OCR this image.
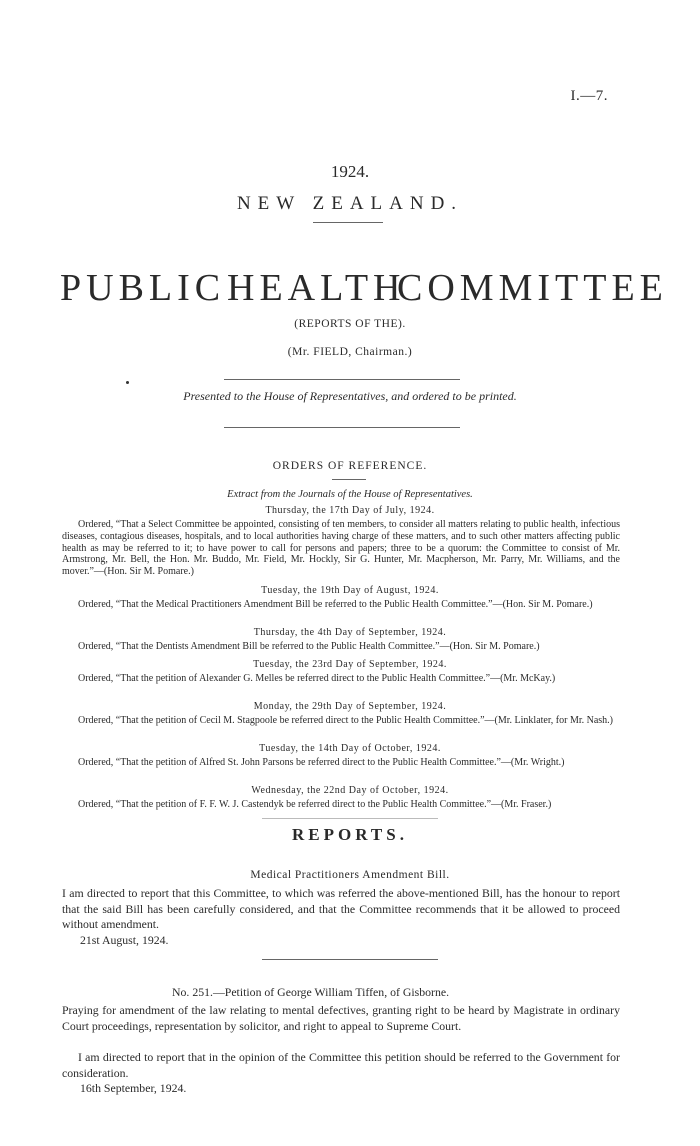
I.—7.
1924.
NEW ZEALAND.
PUBLIC HEALTH
COMMITTEE
(REPORTS OF THE).
(Mr. FIELD, Chairman.)
Presented to the House of Representatives, and ordered to be printed.
ORDERS OF REFERENCE.
Extract from the Journals of the House of Representatives.
Thursday, the 17th Day of July, 1924.
Ordered, “That a Select Committee be appointed, consisting of ten members, to consider all matters relating to public health, infectious diseases, contagious diseases, hospitals, and to local authorities having charge of these matters, and to such other matters affecting public health as may be referred to it; to have power to call for persons and papers; three to be a quorum: the Committee to consist of Mr. Armstrong, Mr. Bell, the Hon. Mr. Buddo, Mr. Field, Mr. Hockly, Sir G. Hunter, Mr. Macpherson, Mr. Parry, Mr. Williams, and the mover.”—(Hon. Sir M. Pomare.)
Tuesday, the 19th Day of August, 1924.
Ordered, “That the Medical Practitioners Amendment Bill be referred to the Public Health Committee.”—(Hon. Sir M. Pomare.)
Thursday, the 4th Day of September, 1924.
Ordered, “That the Dentists Amendment Bill be referred to the Public Health Committee.”—(Hon. Sir M. Pomare.)
Tuesday, the 23rd Day of September, 1924.
Ordered, “That the petition of Alexander G. Melles be referred direct to the Public Health Committee.”—(Mr. McKay.)
Monday, the 29th Day of September, 1924.
Ordered, “That the petition of Cecil M. Stagpoole be referred direct to the Public Health Committee.”—(Mr. Linklater, for Mr. Nash.)
Tuesday, the 14th Day of October, 1924.
Ordered, “That the petition of Alfred St. John Parsons be referred direct to the Public Health Committee.”—(Mr. Wright.)
Wednesday, the 22nd Day of October, 1924.
Ordered, “That the petition of F. F. W. J. Castendyk be referred direct to the Public Health Committee.”—(Mr. Fraser.)
REPORTS.
Medical Practitioners Amendment Bill.
I am directed to report that this Committee, to which was referred the above-mentioned Bill, has the honour to report that the said Bill has been carefully considered, and that the Committee recommends that it be allowed to proceed without amendment.
21st August, 1924.
No. 251.—Petition of George William Tiffen, of Gisborne.
Praying for amendment of the law relating to mental defectives, granting right to be heard by Magistrate in ordinary Court proceedings, representation by solicitor, and right to appeal to Supreme Court.
I am directed to report that in the opinion of the Committee this petition should be referred to the Government for consideration.
16th September, 1924.
